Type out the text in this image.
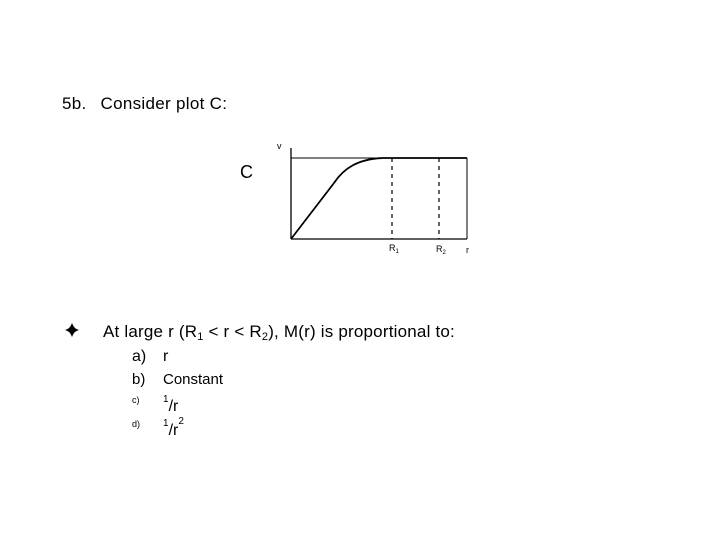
5b. Consider plot C:
C
v
r
$R_1$	$R_2$
At large r $(R_1 < r < R_2)$, M(r) is proportional to:
a) r
b) Constant
c) $^1$/r
d) $^1/r^2$
